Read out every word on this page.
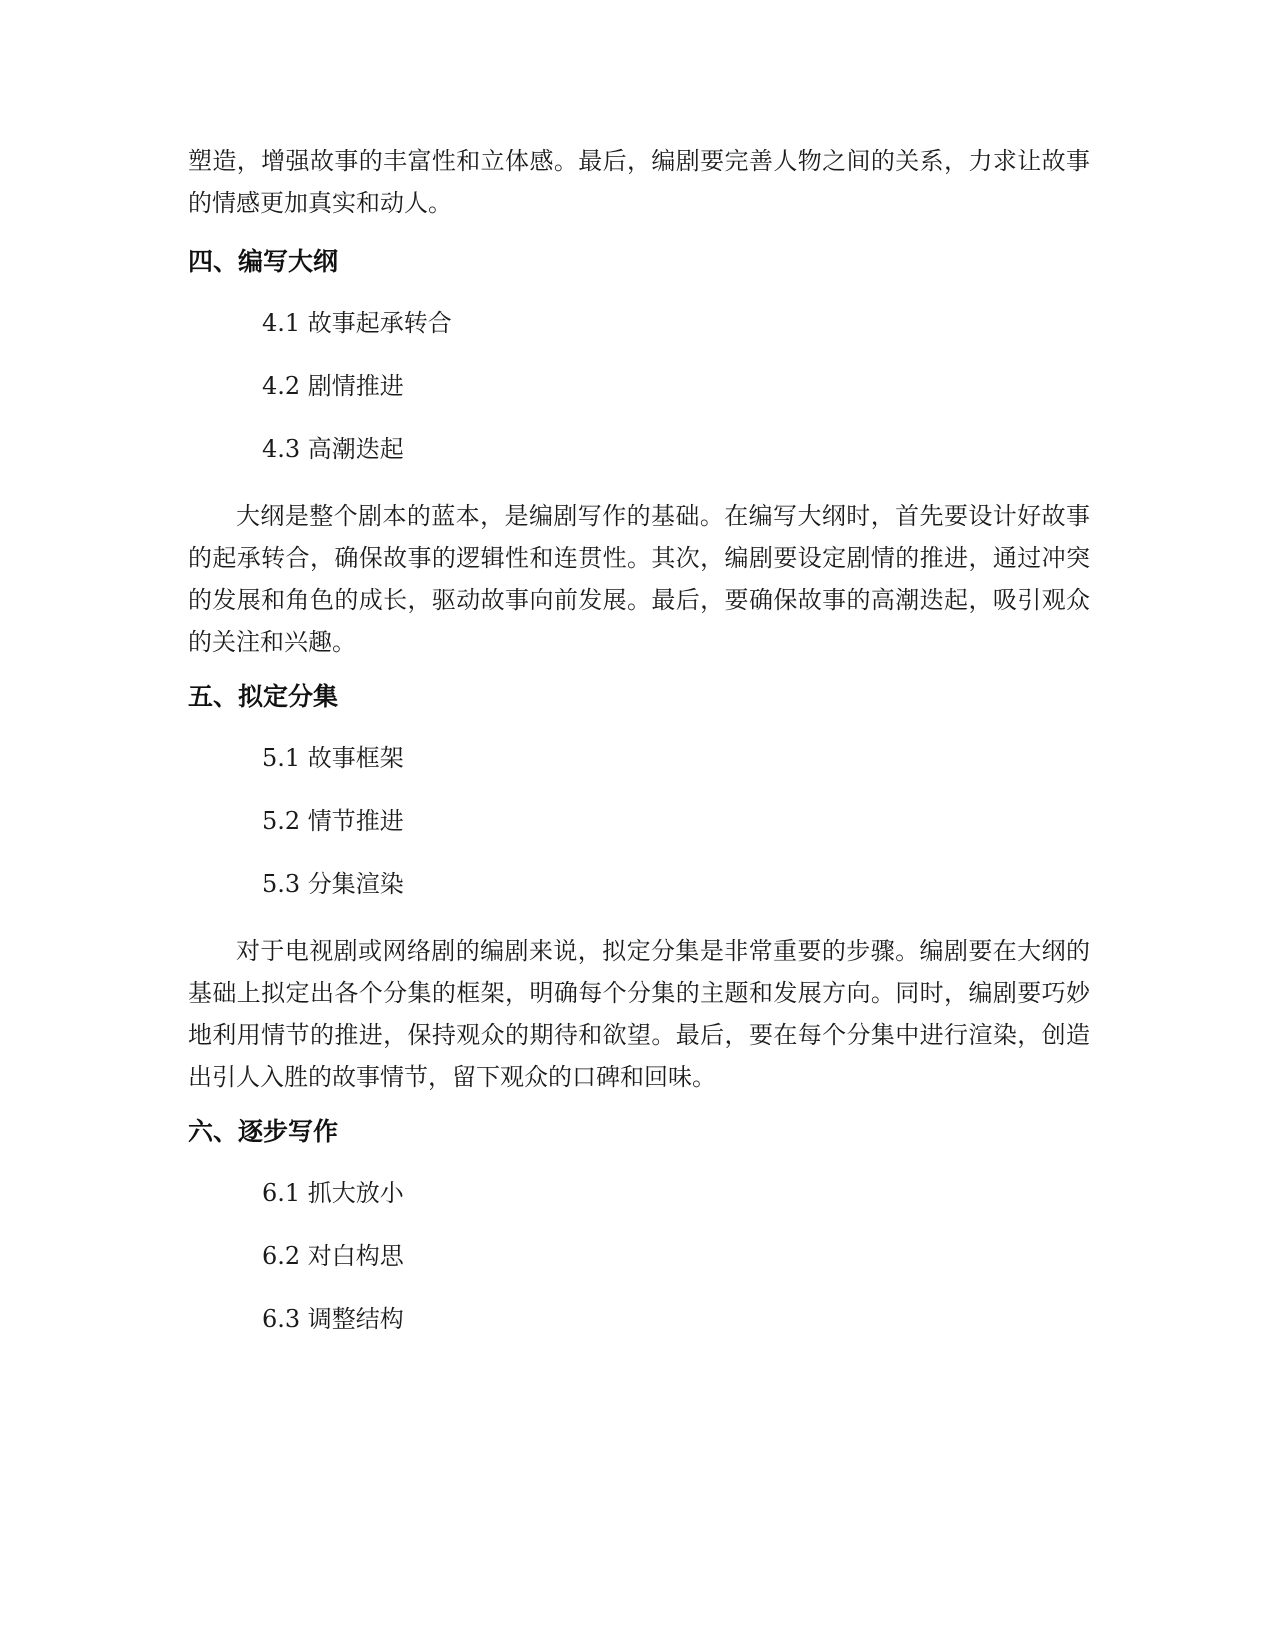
塑造，增强故事的丰富性和立体感。最后，编剧要完善人物之间的关系，力求让故事的情感更加真实和动人。

四、编写大纲

4.1 故事起承转合

4.2 剧情推进

4.3 高潮迭起

大纲是整个剧本的蓝本，是编剧写作的基础。在编写大纲时，首先要设计好故事的起承转合，确保故事的逻辑性和连贯性。其次，编剧要设定剧情的推进，通过冲突的发展和角色的成长，驱动故事向前发展。最后，要确保故事的高潮迭起，吸引观众的关注和兴趣。

五、拟定分集

5.1 故事框架

5.2 情节推进

5.3 分集渲染

对于电视剧或网络剧的编剧来说，拟定分集是非常重要的步骤。编剧要在大纲的基础上拟定出各个分集的框架，明确每个分集的主题和发展方向。同时，编剧要巧妙地利用情节的推进，保持观众的期待和欲望。最后，要在每个分集中进行渲染，创造出引人入胜的故事情节，留下观众的口碑和回味。

六、逐步写作

6.1 抓大放小

6.2 对白构思

6.3 调整结构
